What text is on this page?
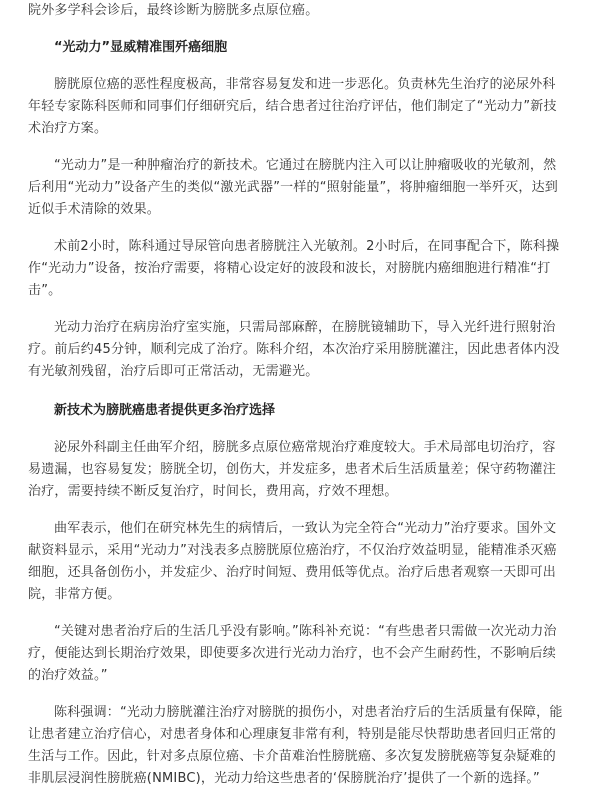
院外多学科会诊后，最终诊断为膀胱多点原位癌。

“光动力”显威精准围歼癌细胞

膀胱原位癌的恶性程度极高，非常容易复发和进一步恶化。负责林先生治疗的泌尿外科年轻专家陈科医师和同事们仔细研究后，结合患者过往治疗评估，他们制定了“光动力”新技术治疗方案。

“光动力”是一种肿瘤治疗的新技术。它通过在膀胱内注入可以让肿瘤吸收的光敏剂，然后利用“光动力”设备产生的类似“激光武器”一样的“照射能量”，将肿瘤细胞一举歼灭，达到近似手术清除的效果。

术前2小时，陈科通过导尿管向患者膀胱注入光敏剂。2小时后，在同事配合下，陈科操作“光动力”设备，按治疗需要，将精心设定好的波段和波长，对膀胱内癌细胞进行精准“打击”。

光动力治疗在病房治疗室实施，只需局部麻醉，在膀胱镜辅助下，导入光纤进行照射治疗。前后约45分钟，顺利完成了治疗。陈科介绍，本次治疗采用膀胱灌注，因此患者体内没有光敏剂残留，治疗后即可正常活动，无需避光。

新技术为膀胱癌患者提供更多治疗选择

泌尿外科副主任曲军介绍，膀胱多点原位癌常规治疗难度较大。手术局部电切治疗，容易遗漏，也容易复发；膀胱全切，创伤大，并发症多，患者术后生活质量差；保守药物灌注治疗，需要持续不断反复治疗，时间长，费用高，疗效不理想。

曲军表示，他们在研究林先生的病情后，一致认为完全符合“光动力”治疗要求。国外文献资料显示，采用“光动力”对浅表多点膀胱原位癌治疗，不仅治疗效益明显，能精准杀灭癌细胞，还具备创伤小，并发症少、治疗时间短、费用低等优点。治疗后患者观察一天即可出院，非常方便。

“关键对患者治疗后的生活几乎没有影响。”陈科补充说：“有些患者只需做一次光动力治疗，便能达到长期治疗效果，即使要多次进行光动力治疗，也不会产生耐药性，不影响后续的治疗效益。”

陈科强调：“光动力膀胱灌注治疗对膀胱的损伤小，对患者治疗后的生活质量有保障，能让患者建立治疗信心，对患者身体和心理康复非常有利，特别是能尽快帮助患者回归正常的生活与工作。因此，针对多点原位癌、卡介苗难治性膀胱癌、多次复发膀胱癌等复杂疑难的非肌层浸润性膀胱癌(NMIBC)，光动力给这些患者的‘保膀胱治疗’提供了一个新的选择。”
